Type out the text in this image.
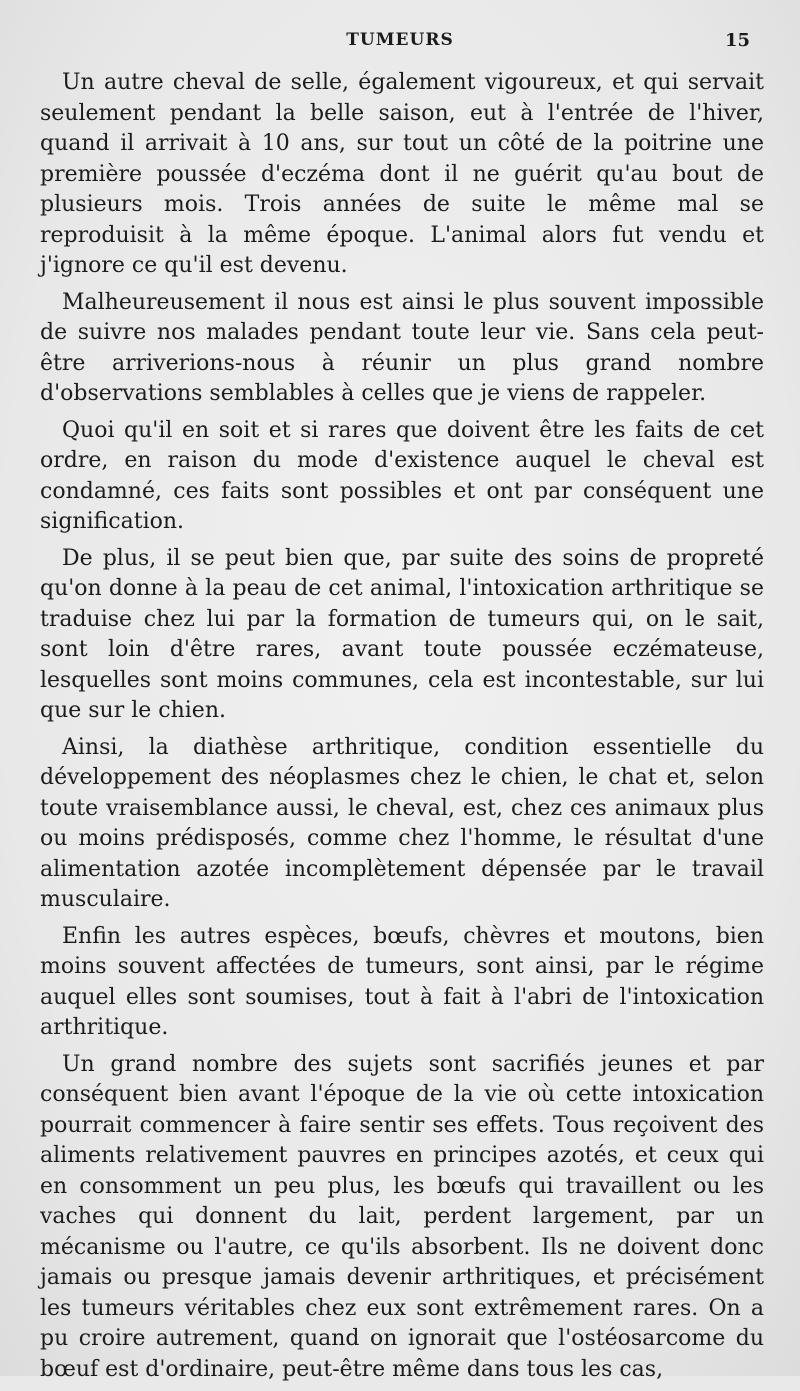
TUMEURS	15

Un autre cheval de selle, également vigoureux, et qui servait seulement pendant la belle saison, eut à l'entrée de l'hiver, quand il arrivait à 10 ans, sur tout un côté de la poitrine une première poussée d'eczéma dont il ne guérit qu'au bout de plusieurs mois. Trois années de suite le même mal se reproduisit à la même époque. L'animal alors fut vendu et j'ignore ce qu'il est devenu.

Malheureusement il nous est ainsi le plus souvent impossible de suivre nos malades pendant toute leur vie. Sans cela peut-être arriverions-nous à réunir un plus grand nombre d'observations semblables à celles que je viens de rappeler.

Quoi qu'il en soit et si rares que doivent être les faits de cet ordre, en raison du mode d'existence auquel le cheval est condamné, ces faits sont possibles et ont par conséquent une signification.

De plus, il se peut bien que, par suite des soins de propreté qu'on donne à la peau de cet animal, l'intoxication arthritique se traduise chez lui par la formation de tumeurs qui, on le sait, sont loin d'être rares, avant toute poussée eczémateuse, lesquelles sont moins communes, cela est incontestable, sur lui que sur le chien.

Ainsi, la diathèse arthritique, condition essentielle du développement des néoplasmes chez le chien, le chat et, selon toute vraisemblance aussi, le cheval, est, chez ces animaux plus ou moins prédisposés, comme chez l'homme, le résultat d'une alimentation azotée incomplètement dépensée par le travail musculaire.

Enfin les autres espèces, bœufs, chèvres et moutons, bien moins souvent affectées de tumeurs, sont ainsi, par le régime auquel elles sont soumises, tout à fait à l'abri de l'intoxication arthritique.

Un grand nombre des sujets sont sacrifiés jeunes et par conséquent bien avant l'époque de la vie où cette intoxication pourrait commencer à faire sentir ses effets. Tous reçoivent des aliments relativement pauvres en principes azotés, et ceux qui en consomment un peu plus, les bœufs qui travaillent ou les vaches qui donnent du lait, perdent largement, par un mécanisme ou l'autre, ce qu'ils absorbent. Ils ne doivent donc jamais ou presque jamais devenir arthritiques, et précisément les tumeurs véritables chez eux sont extrêmement rares. On a pu croire autrement, quand on ignorait que l'ostéosarcome du bœuf est d'ordinaire, peut-être même dans tous les cas,
